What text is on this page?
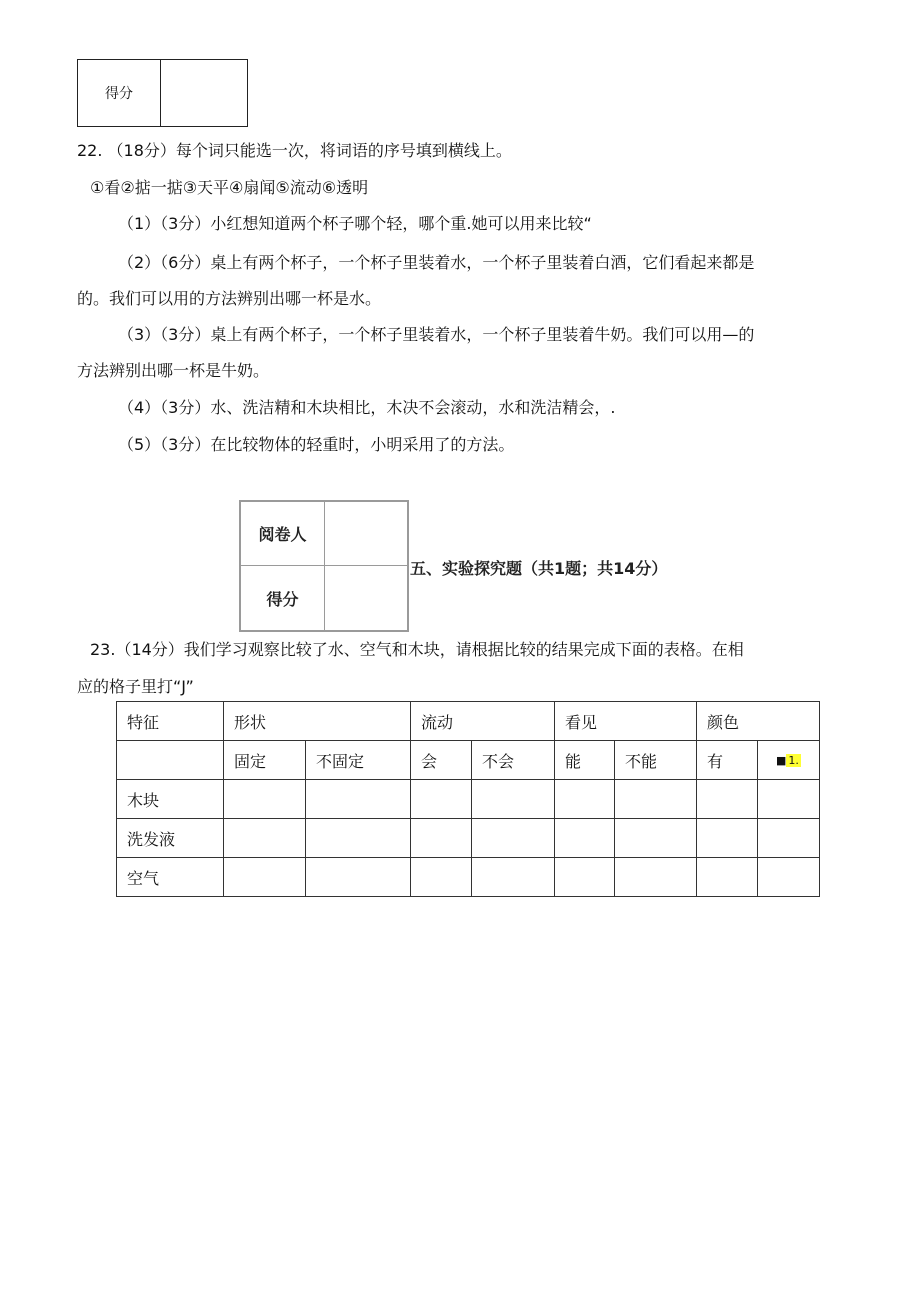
得分
22. （18分）每个词只能选一次，将词语的序号填到横线上。
①看②掂一掂③天平④扇闻⑤流动⑥透明
（1）（3分）小红想知道两个杯子哪个轻，哪个重.她可以用来比较“
（2）（6分）桌上有两个杯子，一个杯子里装着水，一个杯子里装着白酒，它们看起来都是
的。我们可以用的方法辨别出哪一杯是水。
（3）（3分）桌上有两个杯子，一个杯子里装着水，一个杯子里装着牛奶。我们可以用—的
方法辨别出哪一杯是牛奶。
（4）（3分）水、洗洁精和木块相比，木决不会滚动，水和洗洁精会，.
（5）（3分）在比较物体的轻重时，小明采用了的方法。
阅卷人
得分
五、实验探究题（共1题；共14分）
23.（14分）我们学习观察比较了水、空气和木块，请根据比较的结果完成下面的表格。在相
应的格子里打“J”
特征	形状		流动		看见		颜色	
	固定	不固定	会	不会	能	不能	有	■ 1.
木块								
洗发液								
空气								
